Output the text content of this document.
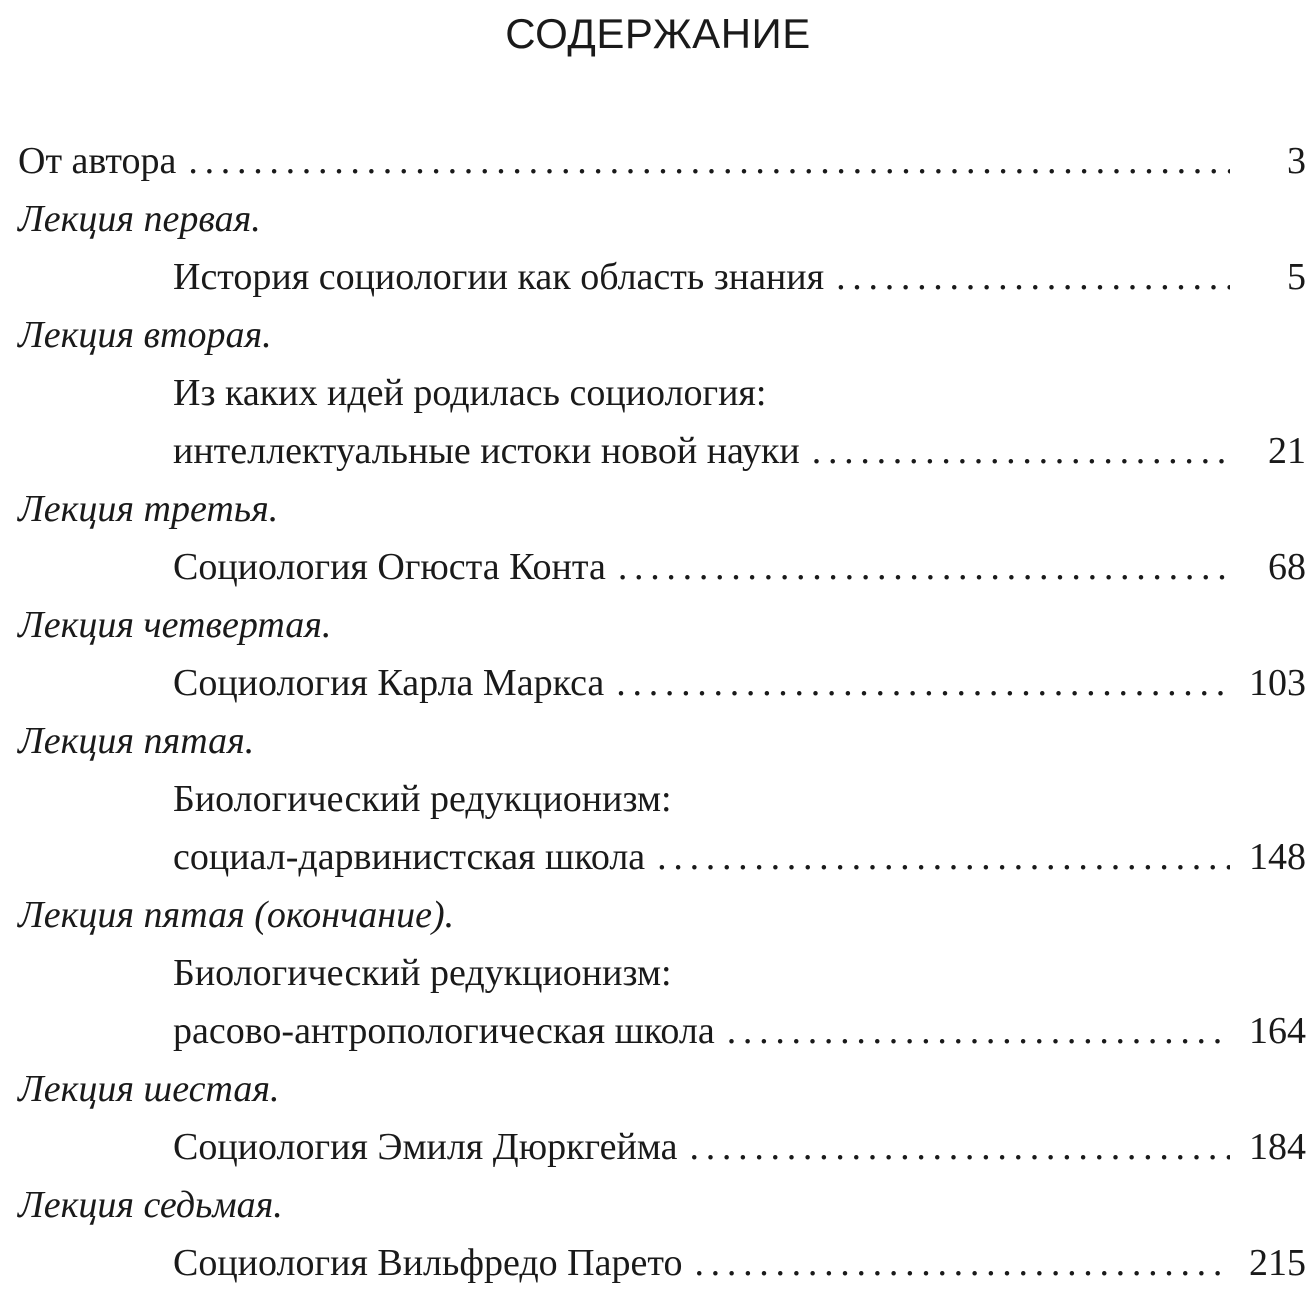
СОДЕРЖАНИЕ
От автора . . .	3
Лекция первая.
История социологии как область знания . . .	5
Лекция вторая.
Из каких идей родилась социология:
интеллектуальные истоки новой науки . . .	21
Лекция третья.
Социология Огюста Конта . . .	68
Лекция четвертая.
Социология Карла Маркса . . .	103
Лекция пятая.
Биологический редукционизм:
социал-дарвинистская школа . . .	148
Лекция пятая (окончание).
Биологический редукционизм:
расово-антропологическая школа . . .	164
Лекция шестая.
Социология Эмиля Дюркгейма . . .	184
Лекция седьмая.
Социология Вильфредо Парето . . .	215
